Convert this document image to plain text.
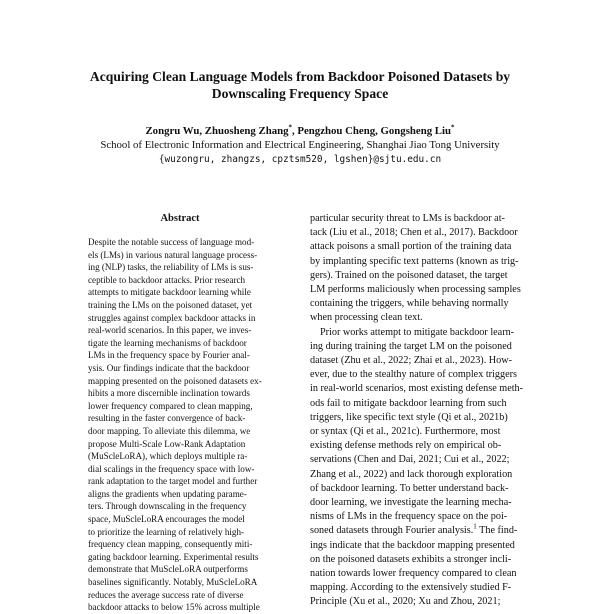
Acquiring Clean Language Models from Backdoor Poisoned Datasets by
Downscaling Frequency Space
Zongru Wu, Zhuosheng Zhang*, Pengzhou Cheng, Gongsheng Liu*
School of Electronic Information and Electrical Engineering, Shanghai Jiao Tong University
{wuzongru, zhangzs, cpztsm520, lgshen}@sjtu.edu.cn
Abstract
Despite the notable success of language mod-
els (LMs) in various natural language process-
ing (NLP) tasks, the reliability of LMs is sus-
ceptible to backdoor attacks. Prior research
attempts to mitigate backdoor learning while
training the LMs on the poisoned dataset, yet
struggles against complex backdoor attacks in
real-world scenarios. In this paper, we inves-
tigate the learning mechanisms of backdoor
LMs in the frequency space by Fourier anal-
ysis. Our findings indicate that the backdoor
mapping presented on the poisoned datasets ex-
hibits a more discernible inclination towards
lower frequency compared to clean mapping,
resulting in the faster convergence of back-
door mapping. To alleviate this dilemma, we
propose Multi-Scale Low-Rank Adaptation
(MuScleLoRA), which deploys multiple ra-
dial scalings in the frequency space with low-
rank adaptation to the target model and further
aligns the gradients when updating parame-
ters. Through downscaling in the frequency
space, MuScleLoRA encourages the model
to prioritize the learning of relatively high-
frequency clean mapping, consequently miti-
gating backdoor learning. Experimental results
demonstrate that MuScleLoRA outperforms
baselines significantly. Notably, MuScleLoRA
reduces the average success rate of diverse
backdoor attacks to below 15% across multiple
particular security threat to LMs is backdoor at-
tack (Liu et al., 2018; Chen et al., 2017). Backdoor
attack poisons a small portion of the training data
by implanting specific text patterns (known as trig-
gers). Trained on the poisoned dataset, the target
LM performs maliciously when processing samples
containing the triggers, while behaving normally
when processing clean text.
Prior works attempt to mitigate backdoor learn-
ing during training the target LM on the poisoned
dataset (Zhu et al., 2022; Zhai et al., 2023). How-
ever, due to the stealthy nature of complex triggers
in real-world scenarios, most existing defense meth-
ods fail to mitigate backdoor learning from such
triggers, like specific text style (Qi et al., 2021b)
or syntax (Qi et al., 2021c). Furthermore, most
existing defense methods rely on empirical ob-
servations (Chen and Dai, 2021; Cui et al., 2022;
Zhang et al., 2022) and lack thorough exploration
of backdoor learning. To better understand back-
door learning, we investigate the learning mecha-
nisms of LMs in the frequency space on the poi-
soned datasets through Fourier analysis.$^1$ The find-
ings indicate that the backdoor mapping presented
on the poisoned datasets exhibits a stronger incli-
nation towards lower frequency compared to clean
mapping. According to the extensively studied F-
Principle (Xu et al., 2020; Xu and Zhou, 2021;
